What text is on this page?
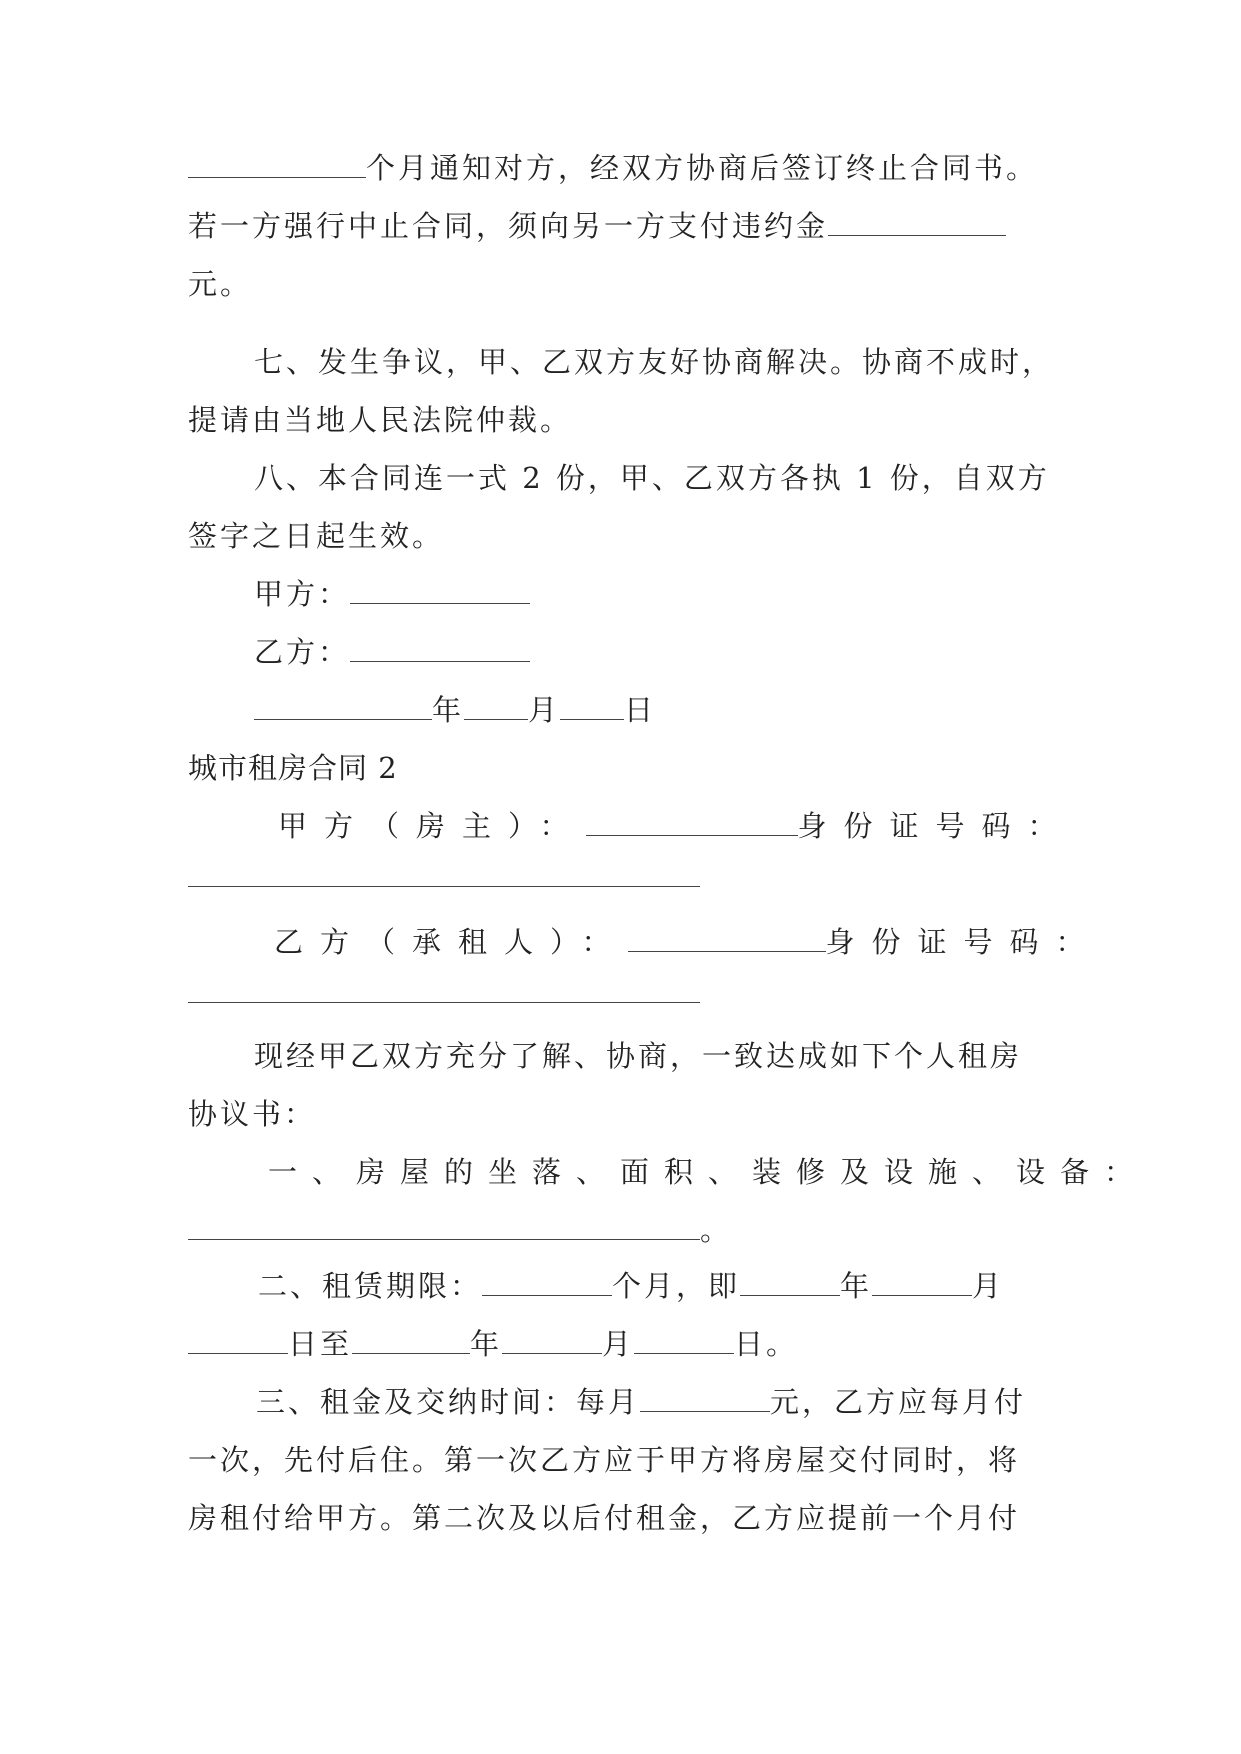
个月通知对方，经双方协商后签订终止合同书。
若一方强行中止合同，须向另一方支付违约金
元。
七、发生争议，甲、乙双方友好协商解决。协商不成时，
提请由当地人民法院仲裁。
八、本合同连一式 2 份，甲、乙双方各执 1 份，自双方
签字之日起生效。
甲方：
乙方：
年 月 日
城市租房合同 2
甲方（房主）：	身份证号码：
乙方（承租人）：	身份证号码：
现经甲乙双方充分了解、协商，一致达成如下个人租房
协议书：
一、房屋的坐落、面积、装修及设施、设备：
。
二、租赁期限：	个月，即	年	月
日至	年	月	日。
三、租金及交纳时间：每月	元，乙方应每月付
一次，先付后住。第一次乙方应于甲方将房屋交付同时，将
房租付给甲方。第二次及以后付租金，乙方应提前一个月付
